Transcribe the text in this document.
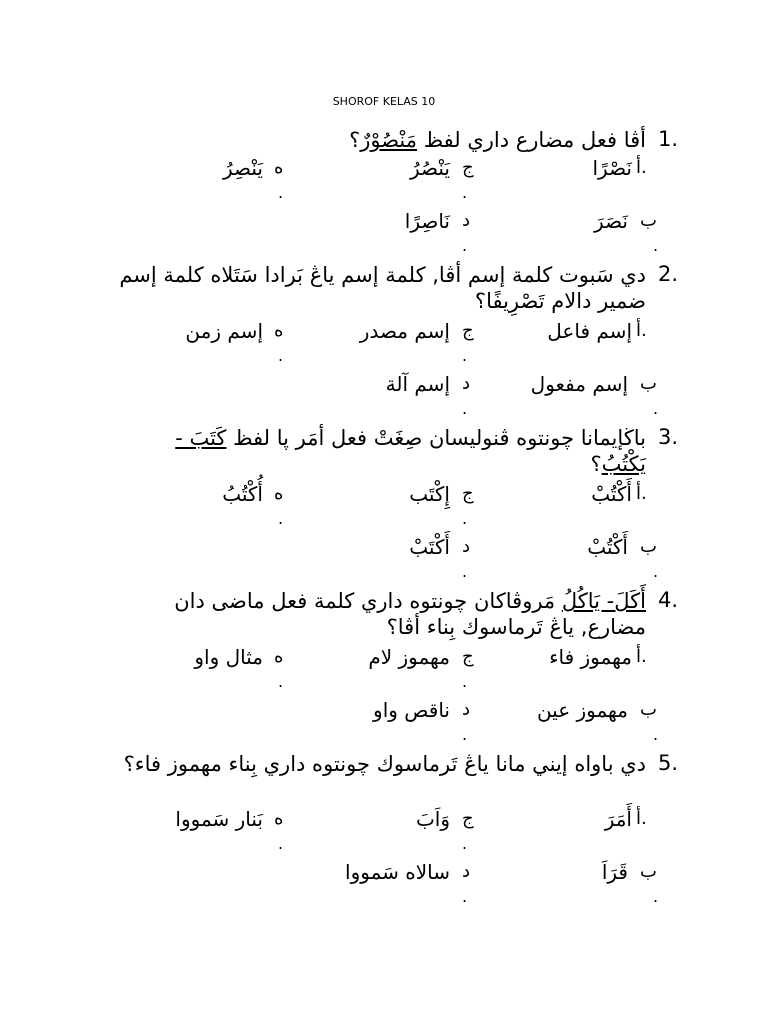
SHOROF KELAS 10
1.
أڤا فعل مضارع داري لفظ مَنْصُوْرٌ؟
أ.
نَصْرًا
ج
يَنْصُرُ
ه
يَنْصِرُ
.
.
ب
نَصَرَ
د
نَاصِرًا
.
.
2.
دي سَبوت كلمة إسم أڤا, كلمة إسم ياڠ بَرادا سَتَلاه كلمة إسم ضمير دالام تَصْرِيفًا؟
أ.
إسم فاعل
ج
إسم مصدر
ه
إسم زمن
.
.
ب
إسم مفعول
د
إسم آلة
.
.
3.
باڬإيمانا چونتوه ڤنوليسان صِغَتْ فعل أمَر ڽا لفظ كَتَبَ - يَكْتُبُ؟
أ.
أَكْتُبْ
ج
إِكْتَب
ه
أُكْتُبُ
.
.
ب
أَكْتُبْ
د
أَكْتَبْ
.
.
4.
أَكَلَ- يَاكُلُ مَروڤاكان چونتوه داري كلمة فعل ماضى دان مضارع, ياڠ تَرماسوك بِناء أڤا؟
أ.
مهموز فاء
ج
مهموز لام
ه
مثال واو
.
.
ب
مهموز عين
د
ناقص واو
.
.
5.
دي باواه إيني مانا ياڠ تَرماسوك چونتوه داري بِناء مهموز فاء؟
أ.
أَمَرَ
ج
وَاَبَ
ه
بَنار سَمووا
.
.
ب
قَرَاَ
د
سالاه سَمووا
.
.
